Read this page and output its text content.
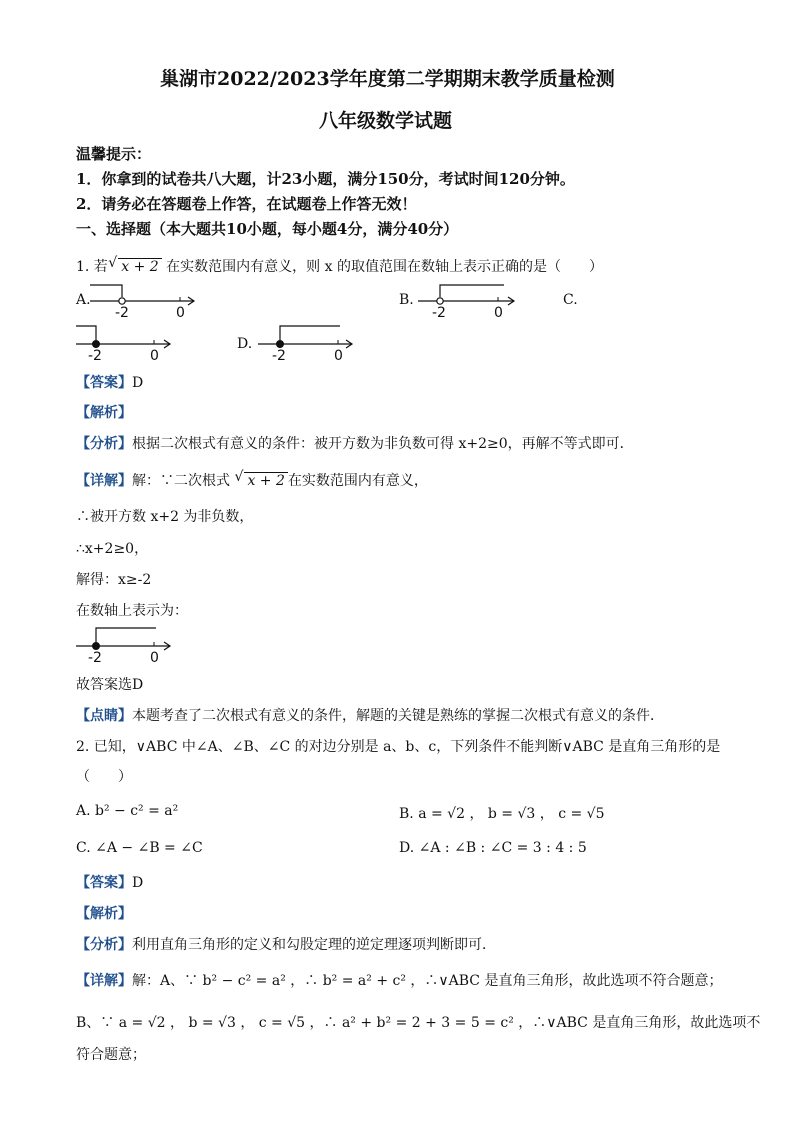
巢湖市2022/2023学年度第二学期期末教学质量检测
八年级数学试题
温馨提示：
1．你拿到的试卷共八大题，计23小题，满分150分，考试时间120分钟。
2．请务必在答题卷上作答，在试题卷上作答无效！
一、选择题（本大题共10小题，每小题4分，满分40分）
1. 若 √ x + 2 在实数范围内有意义，则 x 的取值范围在数轴上表示正确的是（　　）
A.
-2	0
B.
-2	0
C.
-2	0
D.
-2	0
【答案】D
【解析】
【分析】根据二次根式有意义的条件：被开方数为非负数可得 x+2≥0，再解不等式即可．
【详解】解：∵二次根式 √ x + 2 在实数范围内有意义，
∴被开方数 x+2 为非负数，
∴x+2≥0，
解得：x≥-2
在数轴上表示为：
-2	0
故答案选D
【点睛】本题考查了二次根式有意义的条件，解题的关键是熟练的掌握二次根式有意义的条件．
2. 已知，∨ABC 中∠A、∠B、∠C 的对边分别是 a、b、c，下列条件不能判断∨ABC 是直角三角形的是
（　　）
A. b² − c² = a²	B. a = √2 ， b = √3 ， c = √5
C. ∠A − ∠B = ∠C	D. ∠A : ∠B : ∠C = 3 : 4 : 5
【答案】D
【解析】
【分析】利用直角三角形的定义和勾股定理的逆定理逐项判断即可．
【详解】解：A、∵ b² − c² = a² ，∴ b² = a² + c² ，∴∨ABC 是直角三角形，故此选项不符合题意；
B、∵ a = √2 ， b = √3 ， c = √5 ，∴ a² + b² = 2 + 3 = 5 = c² ，∴∨ABC 是直角三角形，故此选项不
符合题意；
